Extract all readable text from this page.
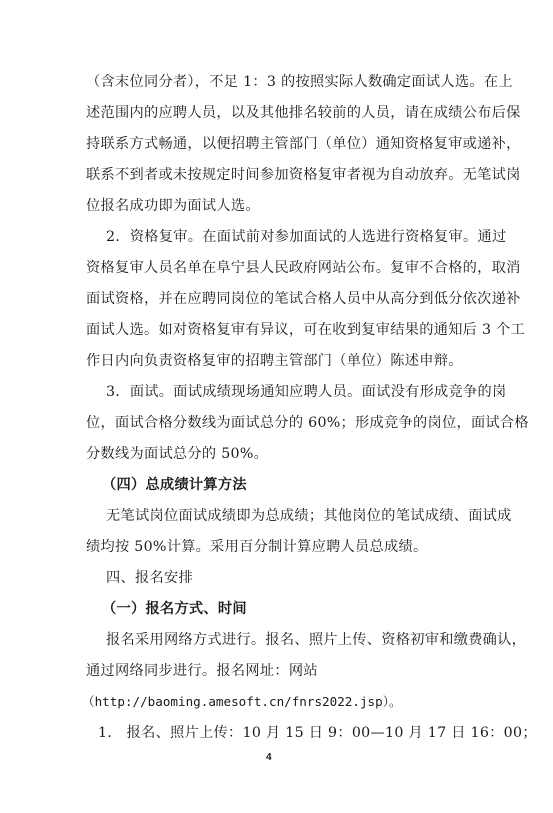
（含末位同分者），不足 1：3 的按照实际人数确定面试人选。在上
述范围内的应聘人员，以及其他排名较前的人员，请在成绩公布后保
持联系方式畅通，以便招聘主管部门（单位）通知资格复审或递补，
联系不到者或未按规定时间参加资格复审者视为自动放弃。无笔试岗
位报名成功即为面试人选。
2．资格复审。在面试前对参加面试的人选进行资格复审。通过
资格复审人员名单在阜宁县人民政府网站公布。复审不合格的，取消
面试资格，并在应聘同岗位的笔试合格人员中从高分到低分依次递补
面试人选。如对资格复审有异议，可在收到复审结果的通知后 3 个工
作日内向负责资格复审的招聘主管部门（单位）陈述申辩。
3．面试。面试成绩现场通知应聘人员。面试没有形成竞争的岗
位，面试合格分数线为面试总分的 60%；形成竞争的岗位，面试合格
分数线为面试总分的 50%。
（四）总成绩计算方法
无笔试岗位面试成绩即为总成绩；其他岗位的笔试成绩、面试成
绩均按 50%计算。采用百分制计算应聘人员总成绩。
四、报名安排
（一）报名方式、时间
报名采用网络方式进行。报名、照片上传、资格初审和缴费确认，
通过网络同步进行。报名网址：网站
（http://baoming.amesoft.cn/fnrs2022.jsp）。
1.　报名、照片上传：10 月 15 日 9：00—10 月 17 日 16：00；
4
